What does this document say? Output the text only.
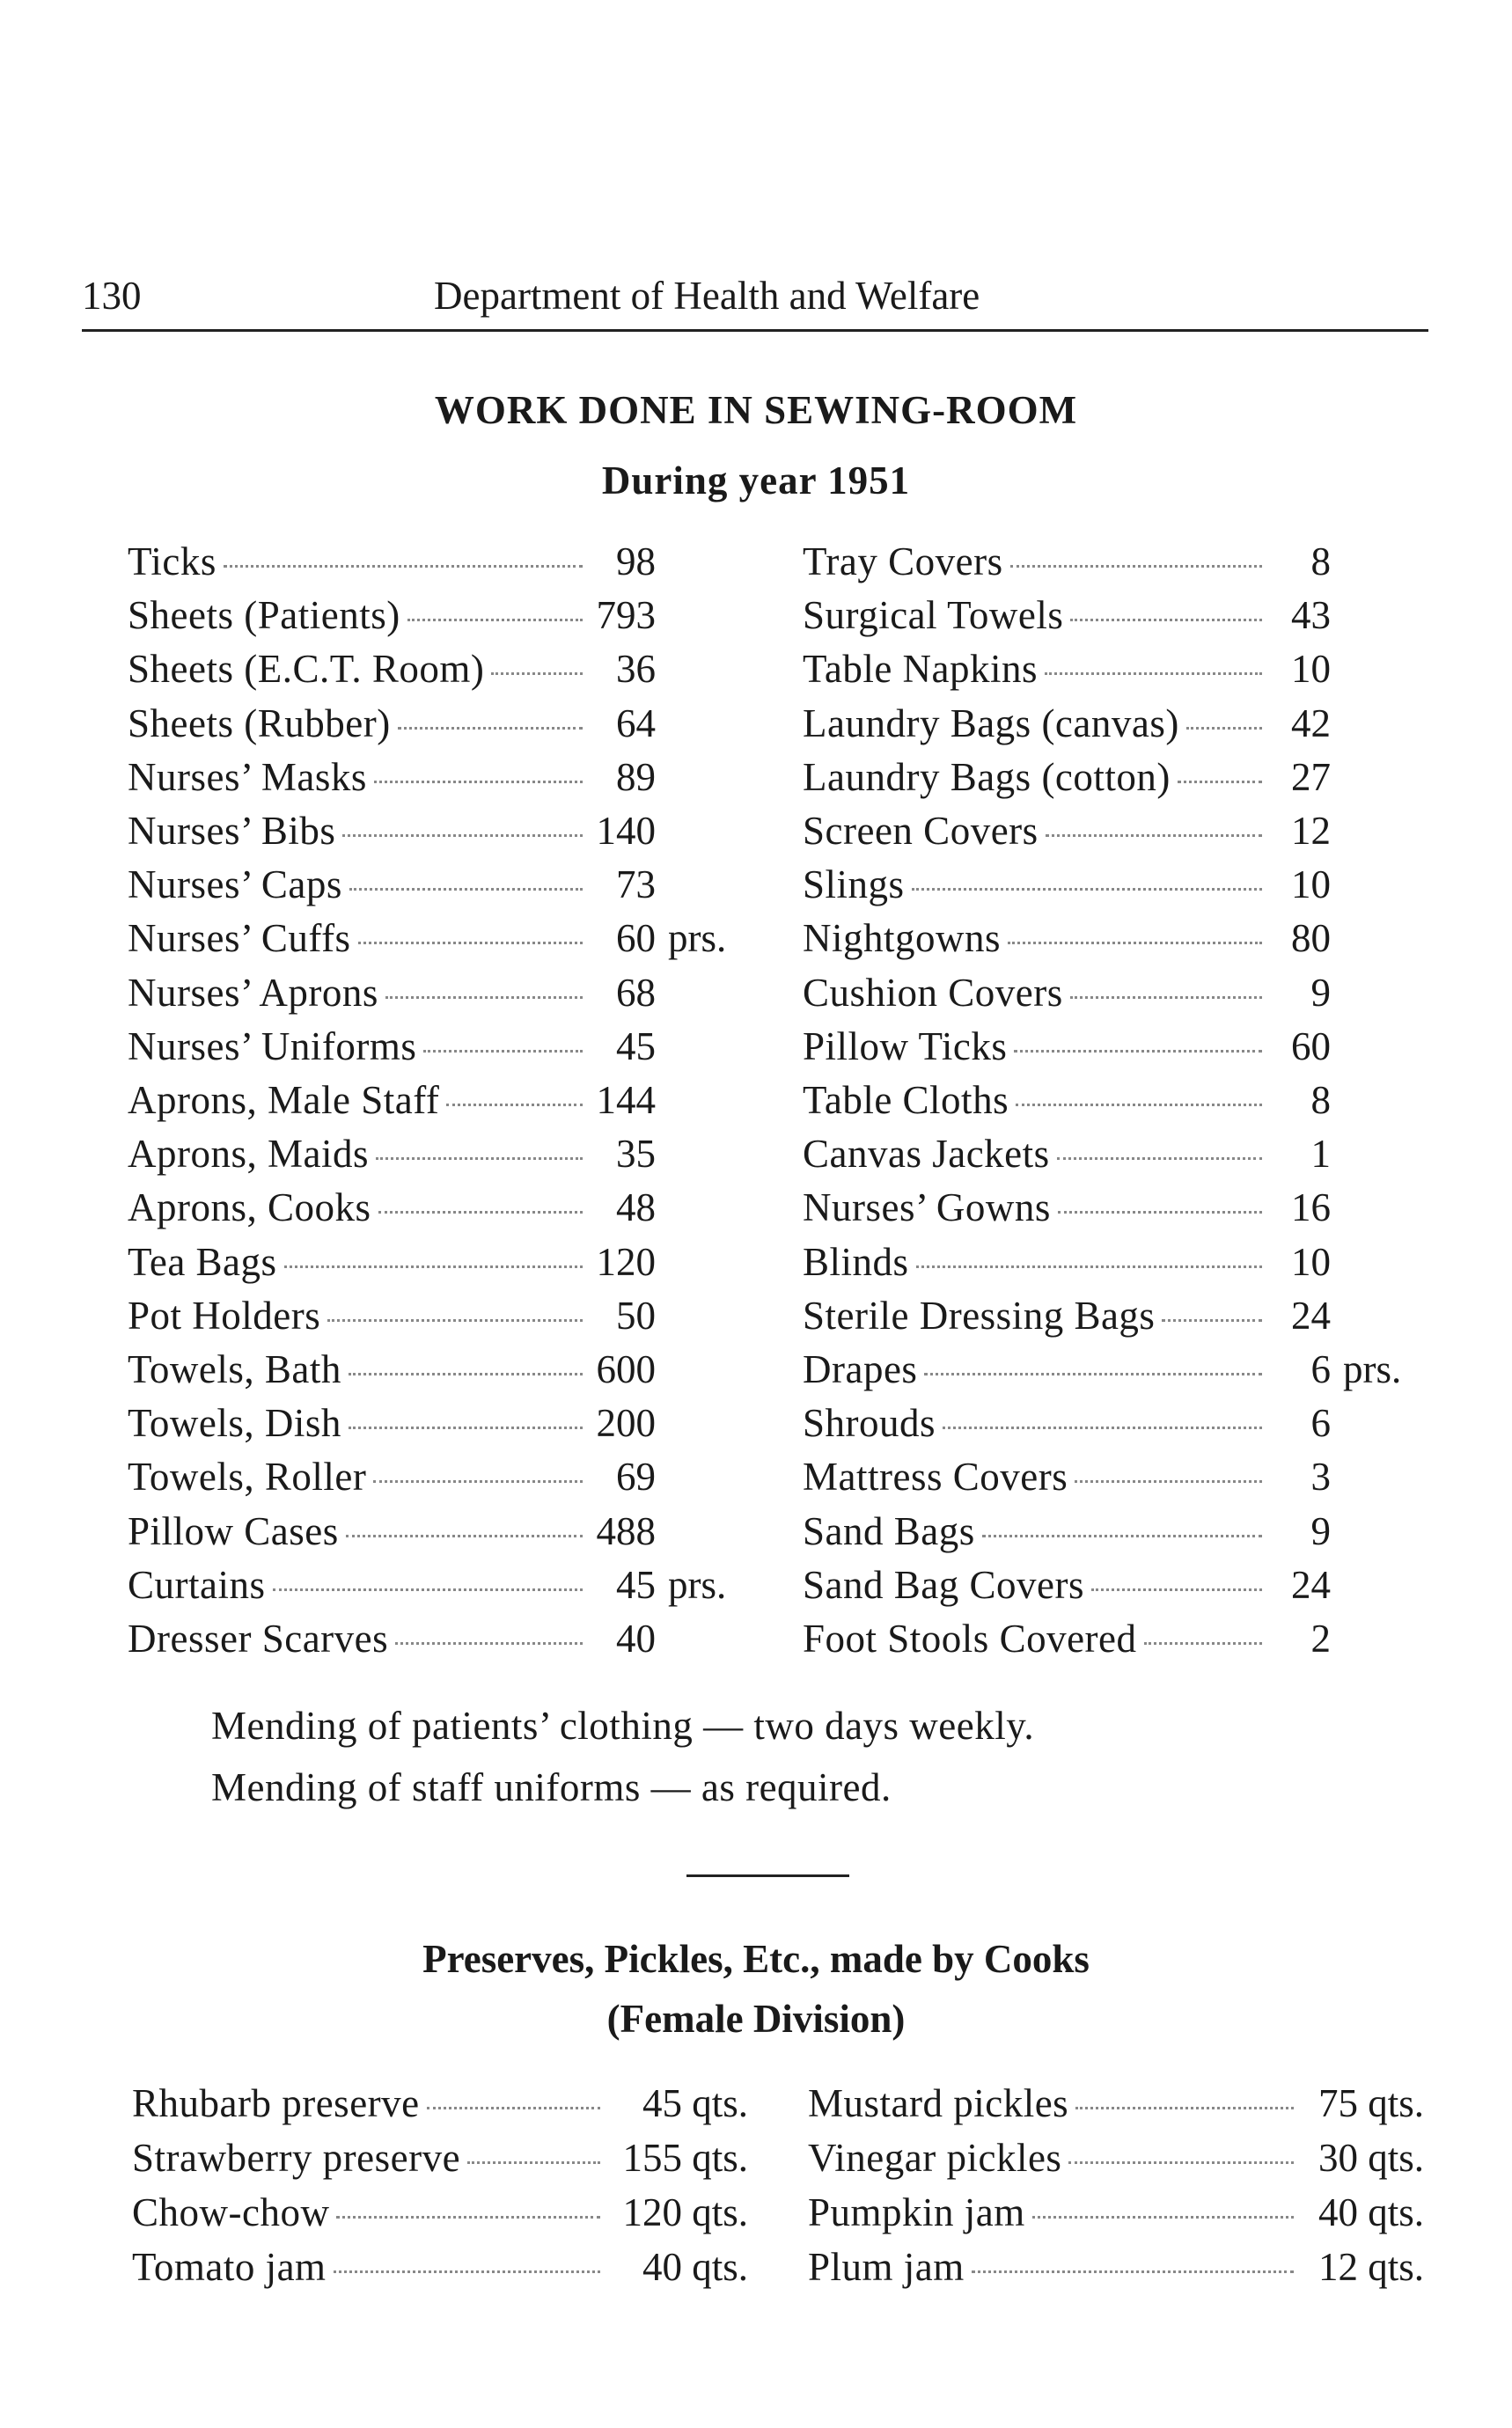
130	Department of Health and Welfare
WORK DONE IN SEWING-ROOM
During year 1951
Ticks	98
Sheets (Patients)	793
Sheets (E.C.T. Room)	36
Sheets (Rubber)	64
Nurses’ Masks	89
Nurses’ Bibs	140
Nurses’ Caps	73
Nurses’ Cuffs	60 prs.
Nurses’ Aprons	68
Nurses’ Uniforms	45
Aprons, Male Staff	144
Aprons, Maids	35
Aprons, Cooks	48
Tea Bags	120
Pot Holders	50
Towels, Bath	600
Towels, Dish	200
Towels, Roller	69
Pillow Cases	488
Curtains	45 prs.
Dresser Scarves	40
Tray Covers	8
Surgical Towels	43
Table Napkins	10
Laundry Bags (canvas)	42
Laundry Bags (cotton)	27
Screen Covers	12
Slings	10
Nightgowns	80
Cushion Covers	9
Pillow Ticks	60
Table Cloths	8
Canvas Jackets	1
Nurses’ Gowns	16
Blinds	10
Sterile Dressing Bags	24
Drapes	6 prs.
Shrouds	6
Mattress Covers	3
Sand Bags	9
Sand Bag Covers	24
Foot Stools Covered	2
Mending of patients’ clothing — two days weekly.
Mending of staff uniforms — as required.
Preserves, Pickles, Etc., made by Cooks
(Female Division)
Rhubarb preserve	45 qts.
Strawberry preserve	155 qts.
Chow-chow	120 qts.
Tomato jam	40 qts.
Mustard pickles	75 qts.
Vinegar pickles	30 qts.
Pumpkin jam	40 qts.
Plum jam	12 qts.
